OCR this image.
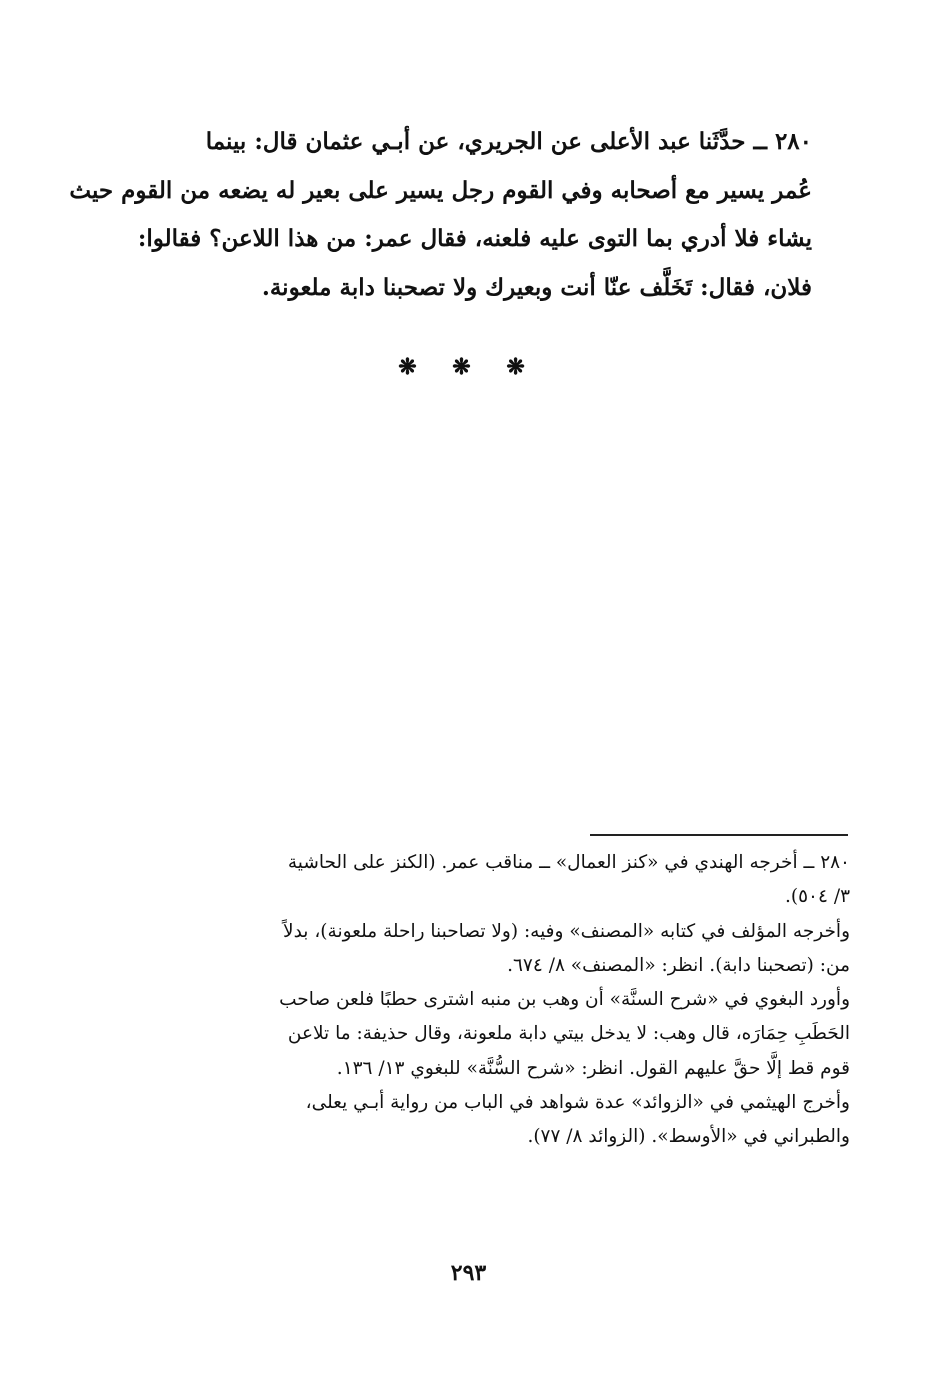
٢٨٠ ــ حدَّثَنا عبد الأعلى عن الجريري، عن أبـي عثمان قال: بينما
عُمر يسير مع أصحابه وفي القوم رجل يسير على بعير له يضعه من القوم حيث
يشاء فلا أدري بما التوى عليه فلعنه، فقال عمر: من هذا اللاعن؟ فقالوا:
فلان، فقال: تَخَلَّف عنّا أنت وبعيرك ولا تصحبنا دابة ملعونة.
❋ ❋ ❋
٢٨٠ ــ أخرجه الهندي في «كنز العمال» ــ مناقب عمر. (الكنز على الحاشية
٣/ ٥٠٤).
وأخرجه المؤلف في كتابه «المصنف» وفيه: (ولا تصاحبنا راحلة ملعونة)، بدلاً
من: (تصحبنا دابة). انظر: «المصنف» ٨/ ٦٧٤.
وأورد البغوي في «شرح السنَّة» أن وهب بن منبه اشترى حطبًا فلعن صاحب
الحَطَبِ حِمَارَه، قال وهب: لا يدخل بيتي دابة ملعونة، وقال حذيفة: ما تلاعن
قوم قط إلَّا حقَّ عليهم القول. انظر: «شرح السُّنَّة» للبغوي ١٣/ ١٣٦.
وأخرج الهيثمي في «الزوائد» عدة شواهد في الباب من رواية أبـي يعلى،
والطبراني في «الأوسط». (الزوائد ٨/ ٧٧).
٢٩٣
